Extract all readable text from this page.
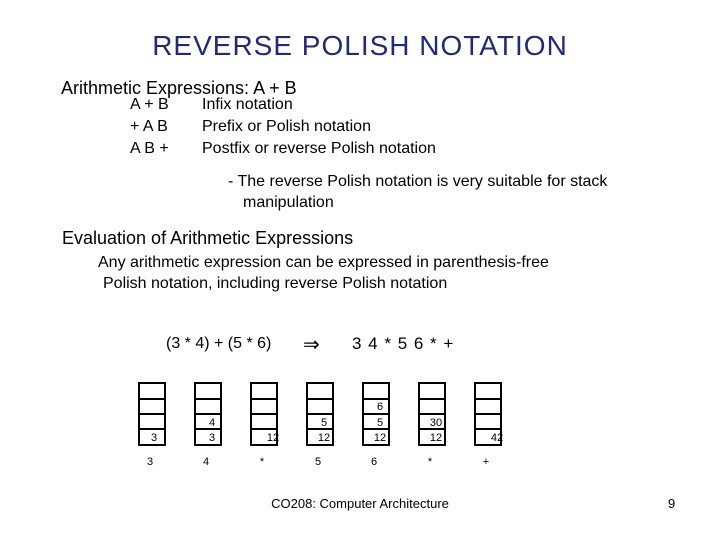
REVERSE POLISH NOTATION
Arithmetic Expressions: A + B
A + B	Infix notation
+ A B	Prefix or Polish notation
A B +	Postfix or reverse Polish notation
- The reverse Polish notation is very suitable for stack
manipulation
Evaluation of Arithmetic Expressions
Any arithmetic expression can be expressed in parenthesis-free
Polish notation, including reverse Polish notation
(3 * 4) + (5 * 6) ⇒ 3 4 * 5 6 * +
3
3
4
3
4
12
*
5
12
5
6
5
12
6
30
12
*
42
+
CO208: Computer Architecture	9
